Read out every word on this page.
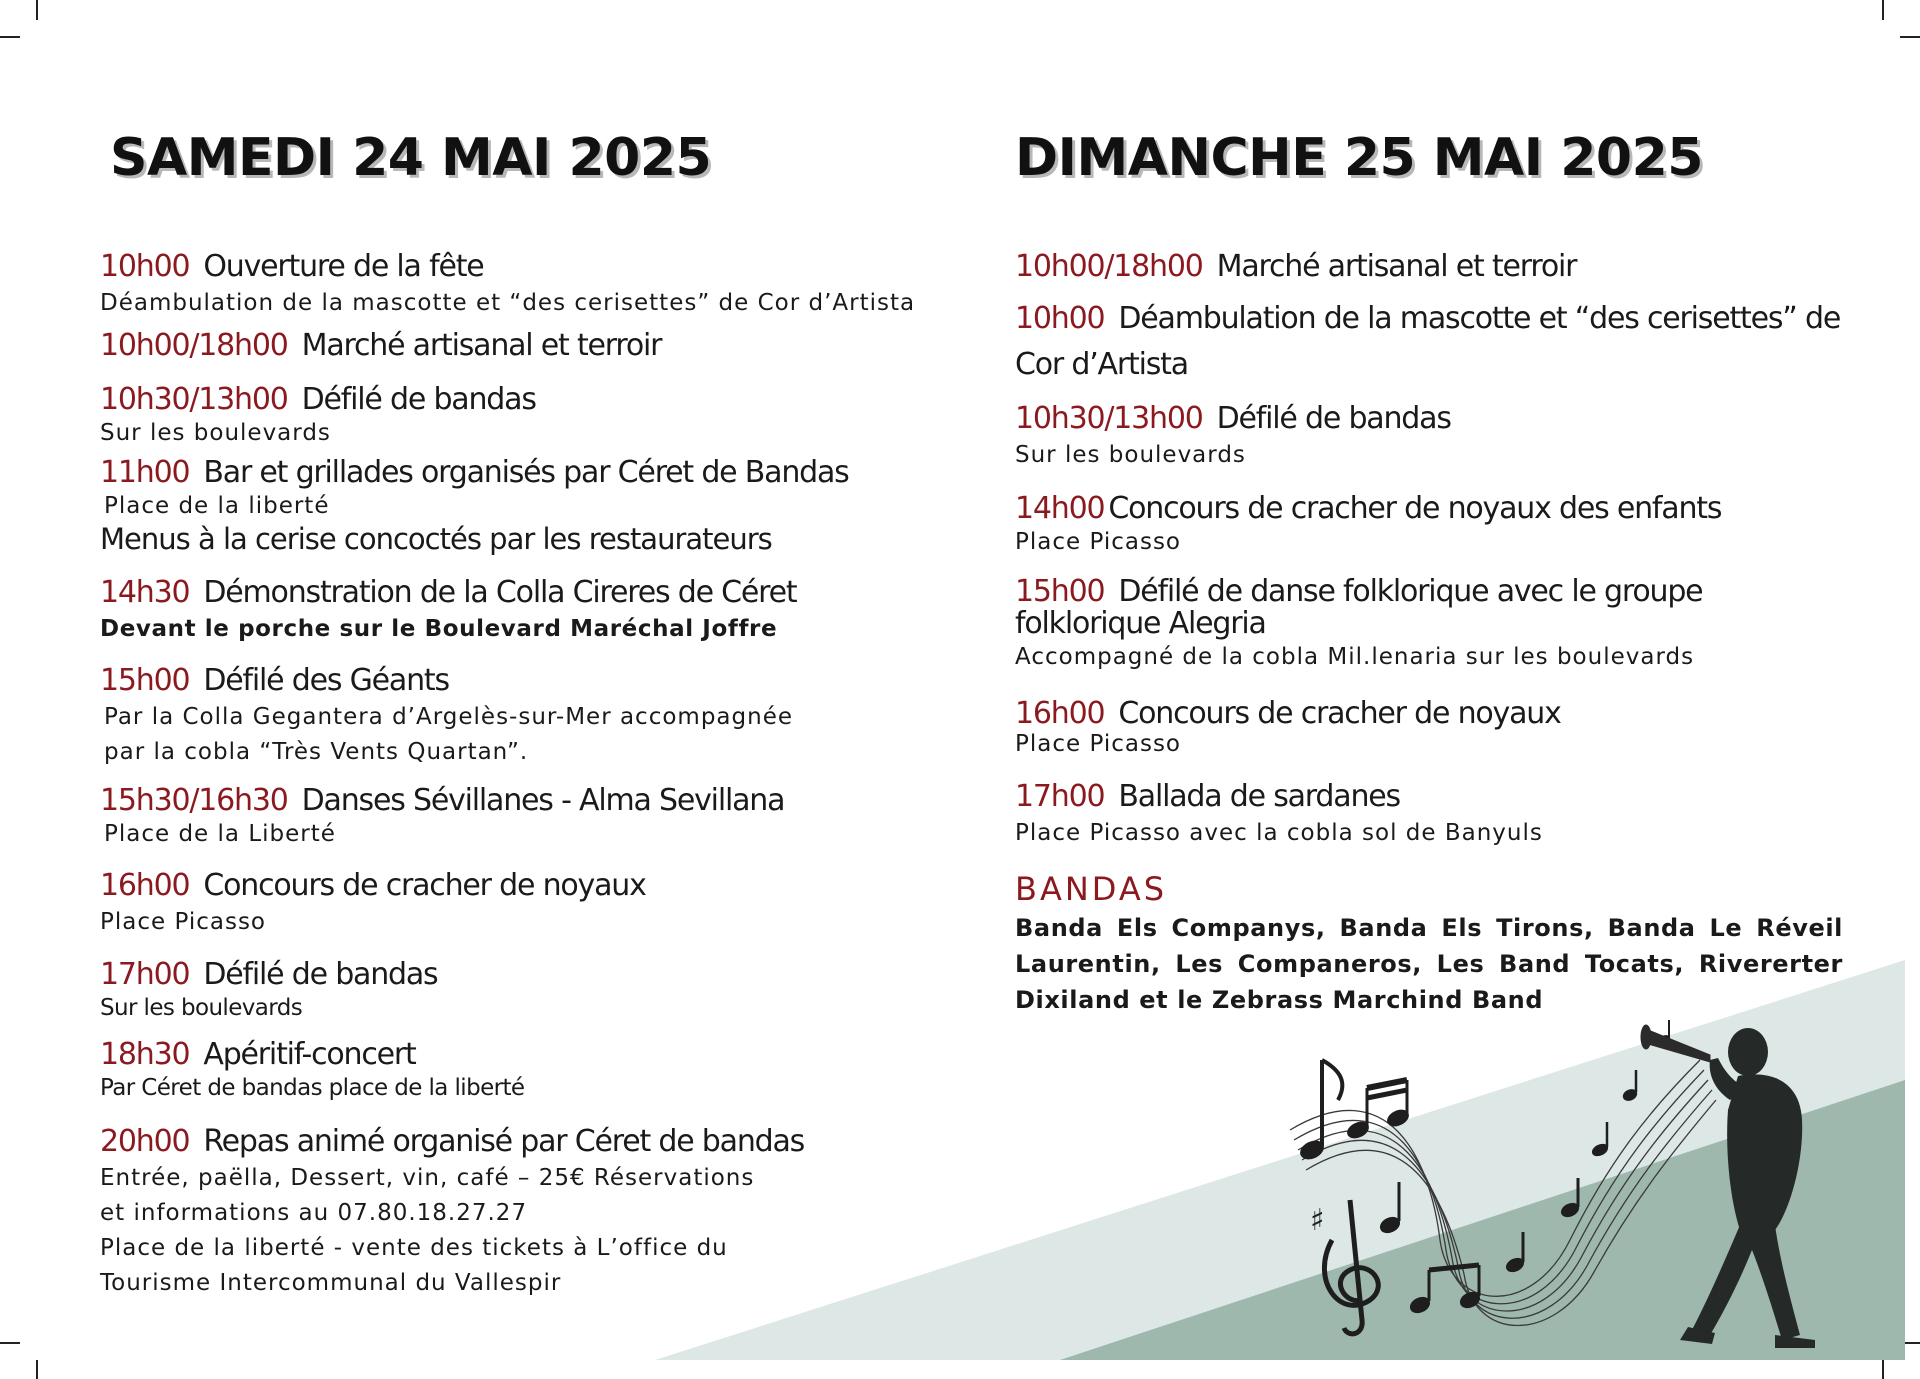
SAMEDI 24 MAI 2025
10h00 Ouverture de la fête
Déambulation de la mascotte et “des cerisettes” de Cor d’Artista
10h00/18h00 Marché artisanal et terroir
10h30/13h00 Défilé de bandas
Sur les boulevards
11h00 Bar et grillades organisés par Céret de Bandas
Place de la liberté
Menus à la cerise concoctés par les restaurateurs
14h30 Démonstration de la Colla Cireres de Céret
Devant le porche sur le Boulevard Maréchal Joffre
15h00 Défilé des Géants
Par la Colla Gegantera d’Argelès-sur-Mer accompagnée
par la cobla “Très Vents Quartan”.
15h30/16h30 Danses Sévillanes - Alma Sevillana
Place de la Liberté
16h00 Concours de cracher de noyaux
Place Picasso
17h00 Défilé de bandas
Sur les boulevards
18h30 Apéritif-concert
Par Céret de bandas place de la liberté
20h00 Repas animé organisé par Céret de bandas
Entrée, paëlla, Dessert, vin, café – 25€ Réservations
et informations au 07.80.18.27.27
Place de la liberté - vente des tickets à L’office du
Tourisme Intercommunal du Vallespir
DIMANCHE 25 MAI 2025
10h00/18h00 Marché artisanal et terroir
10h00 Déambulation de la mascotte et “des cerisettes” de Cor d’Artista
10h30/13h00 Défilé de bandas
Sur les boulevards
14h00 Concours de cracher de noyaux des enfants
Place Picasso
15h00 Défilé de danse folklorique avec le groupe folklorique Alegria
Accompagné de la cobla Mil.lenaria sur les boulevards
16h00 Concours de cracher de noyaux
Place Picasso
17h00 Ballada de sardanes
Place Picasso avec la cobla sol de Banyuls
BANDAS
Banda Els Companys, Banda Els Tirons, Banda Le Réveil Laurentin, Les Companeros, Les Band Tocats, Rivererter Dixiland et le Zebrass Marchind Band
♯
